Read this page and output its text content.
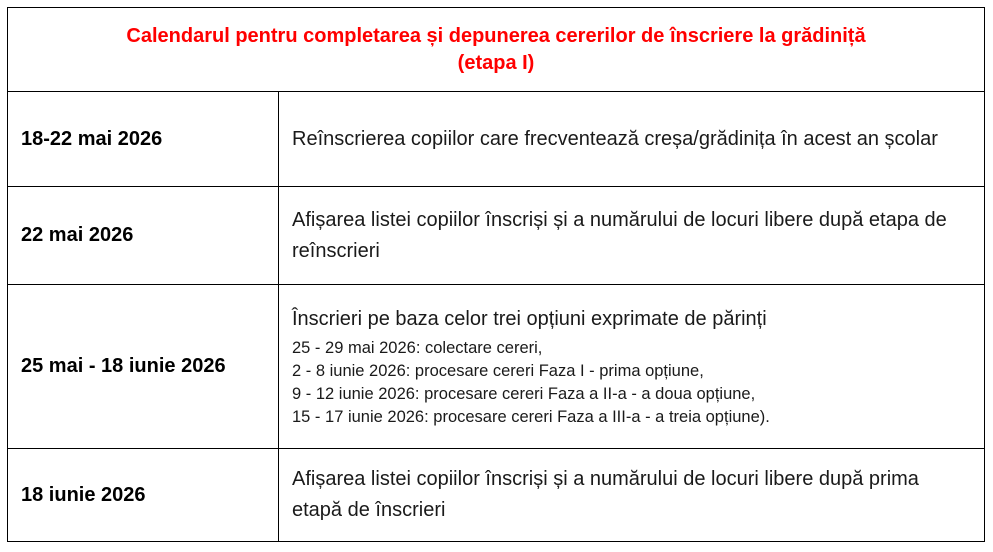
Calendarul pentru completarea și depunerea cererilor de înscriere la grădiniță
(etapa I)
18-22 mai 2026	Reînscrierea copiilor care frecventează creșa/grădinița în acest an școlar
22 mai 2026
Afișarea listei copiilor înscriși și a numărului de locuri libere după etapa de reînscrieri
25 mai - 18 iunie 2026
Înscrieri pe baza celor trei opțiuni exprimate de părinți
25 - 29 mai 2026: colectare cereri,
2 - 8 iunie 2026: procesare cereri Faza I - prima opțiune,
9 - 12 iunie 2026: procesare cereri Faza a II-a - a doua opțiune,
15 - 17 iunie 2026: procesare cereri Faza a III-a - a treia opțiune).
18 iunie 2026
Afișarea listei copiilor înscriși și a numărului de locuri libere după prima etapă de înscrieri
